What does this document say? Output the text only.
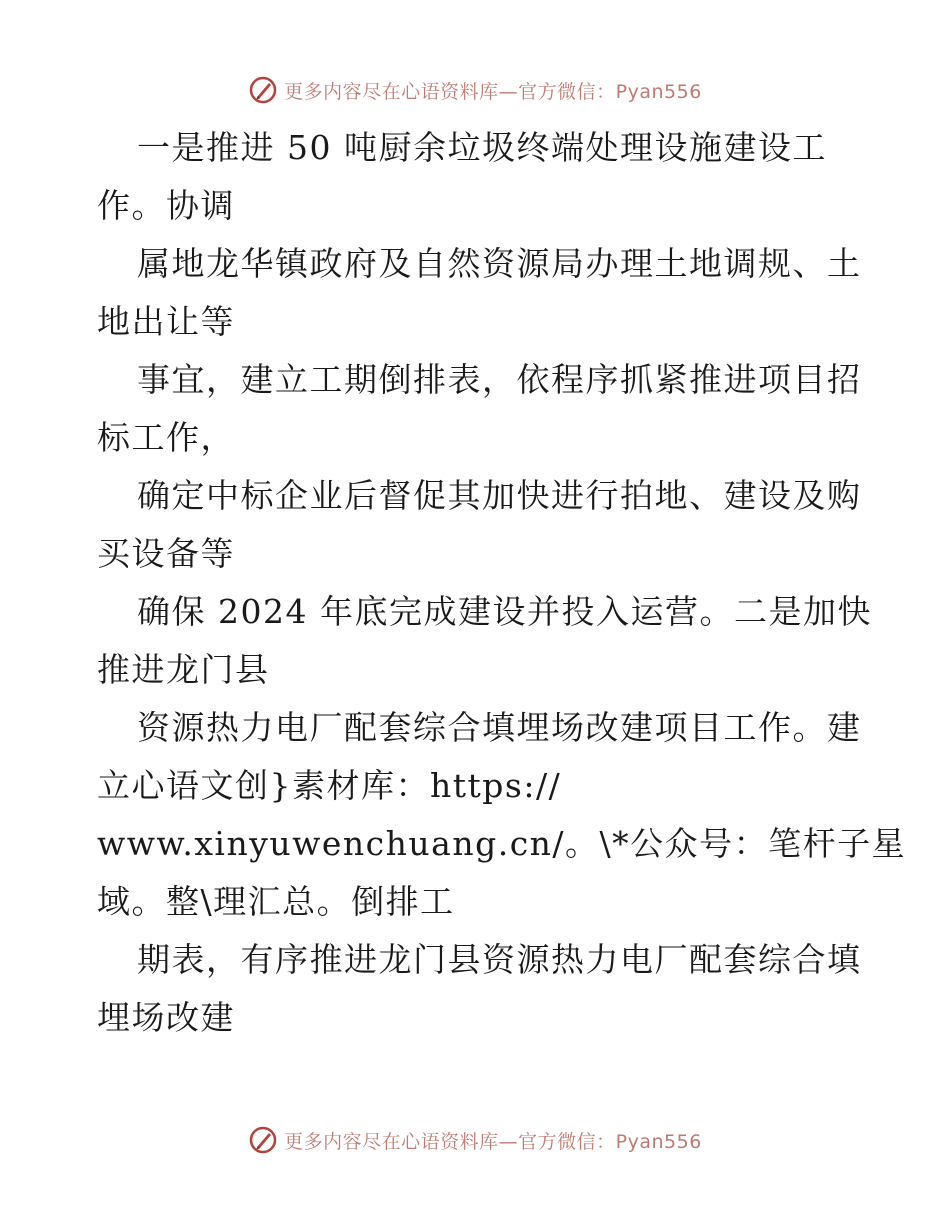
更多内容尽在心语资料库—官方微信：Pyan556
一是推进 50 吨厨余垃圾终端处理设施建设工
作。协调
属地龙华镇政府及自然资源局办理土地调规、土
地出让等
事宜，建立工期倒排表，依程序抓紧推进项目招
标工作，
确定中标企业后督促其加快进行拍地、建设及购
买设备等
确保 2024 年底完成建设并投入运营。二是加快
推进龙门县
资源热力电厂配套综合填埋场改建项目工作。建
立心语文创}素材库：https://
www.xinyuwenchuang.cn/。\*公众号：笔杆子星
域。整\理汇总。倒排工
期表，有序推进龙门县资源热力电厂配套综合填
埋场改建
更多内容尽在心语资料库—官方微信：Pyan556
